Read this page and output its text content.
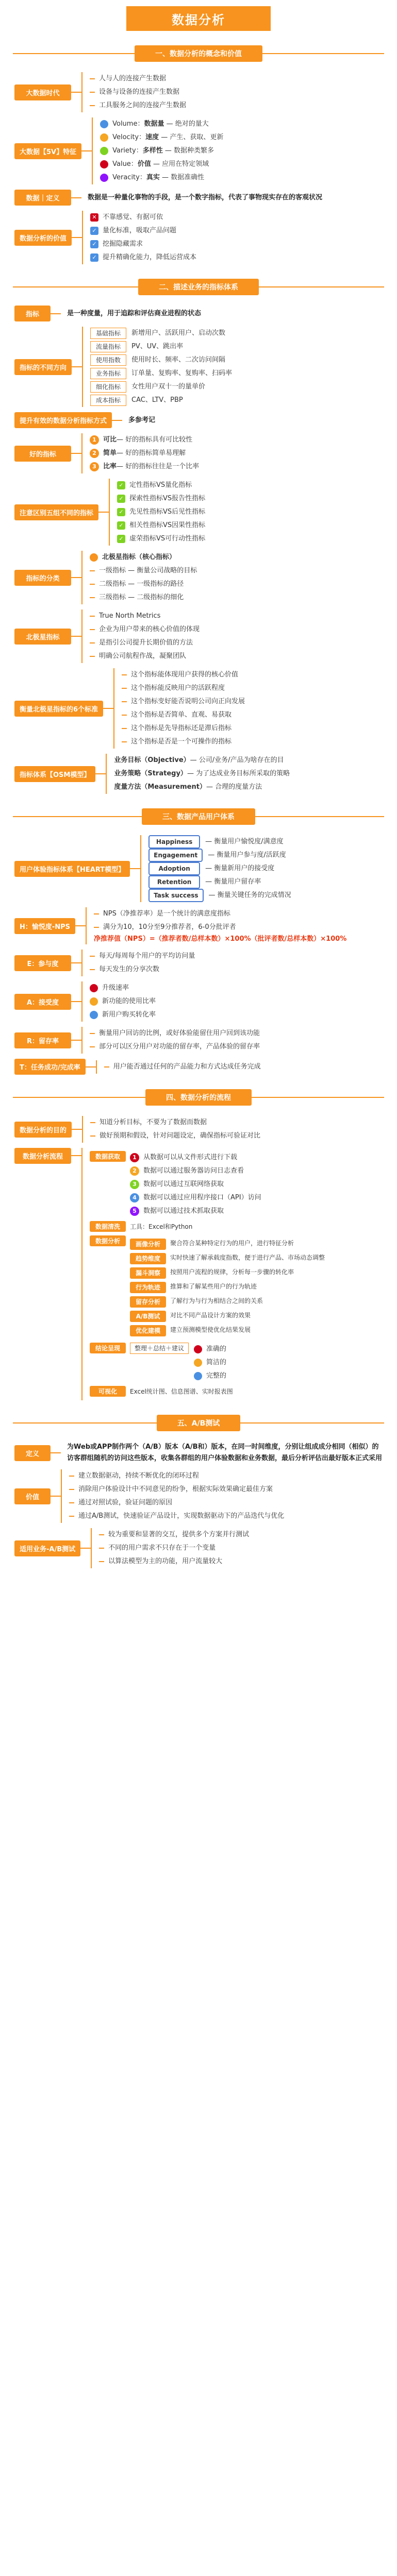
数据分析
一、数据分析的概念和价值
大数据时代
人与人的连接产生数据
设备与设备的连接产生数据
工具服务之间的连接产生数据
大数据【5V】特征
Volume： 数据量
— 绝对的量大
Velocity： 速度
— 产生、获取、更新
Variety： 多样性
— 数据种类繁多
Value： 价值
— 应用在特定领域
Veracity： 真实
— 数据准确性
数据｜定义	数据是一种量化事物的手段，是一个数字指标，代表了事物现实存在的客观状况
数据分析的价值
✕ 不靠感觉、有据可依
✓ 量化标准，吸取产品问题
✓ 挖掘隐藏需求
✓ 提升精确化能力，降低运营成本
二、描述业务的指标体系
指标	是一种度量，用于追踪和评估商业进程的状态
指标的不同方向
基础指标	新增用户、活跃用户、启动次数
流量指标	PV、UV、跳出率
使用指数	使用时长、频率、二次访问间隔
业务指标	订单量、复购率、复购率、扫码率
细化指标	女性用户双十一的量单价
成本指标	CAC、LTV、PBP
提升有效的数据分析指标方式	多参考记
好的指标
1	可比 — 好的指标具有可比较性
2	简单 — 好的指标简单易理解
3	比率 — 好的指标往往是一个比率
注意区别五组不同的指标
✓ 定性指标VS量化指标
✓ 探索性指标VS报告性指标
✓ 先见性指标VS后见性指标
✓ 相关性指标VS因果性指标
✓ 虚荣指标VS可行动性指标
指标的分类
北极星指标（核心指标）
一级指标 — 衡量公司战略的目标
二级指标 — 一级指标的路径
三级指标 — 二级指标的细化
北极星指标
True North Metrics
企业为用户带来的核心价值的体现
是指引公司提升长期价值的方法
明确公司航程作战，凝聚团队
衡量北极星指标的6个标准
这个指标能体现用户获得的核心价值
这个指标能反映用户的活跃程度
这个指标变好能否说明公司向正向发展
这个指标是否简单、直观、易获取
这个指标是先导指标还是滞后指标
这个指标是否是一个可操作的指标
指标体系【OSM模型】
业务目标（Objective） — 公司/业务/产品为啥存在的目
业务策略（Strategy） — 为了达成业务目标所采取的策略
度量方法（Measurement） — 合理的度量方法
三、数据产品用户体系
用户体验指标体系【HEART模型】
Happiness	— 衡量用户愉悦度/满意度
Engagement	— 衡量用户参与度/活跃度
Adoption	— 衡量新用户的接受度
Retention	— 衡量用户留存率
Task success	— 衡量关键任务的完成情况
H：愉悦度-NPS
NPS（净推荐率）是一个统计的满意度指标
满分为10，10分至9分推荐者，6-0分批评者
净推荐值（NPS）=（推荐者数/总样本数）×100%（批评者数/总样本数）×100%
E：参与度
每天/每周每个用户的平均访问量
每天发生的分享次数
A：接受度
升级速率
新功能的使用比率
新用户购买转化率
R：留存率
衡量用户回访的比例，或好体验能留住用户回到该功能
部分可以区分用户对功能的留存率，产品体验的留存率
T：任务成功/完成率	用户能否通过任何的产品能力和方式达成任务完成
四、数据分析的流程
数据分析的目的
知道分析目标，不要为了数据而数据
做好预期和假设，针对问题设定，确保指标可验证对比
数据分析流程	数据获取	1	从数据可以从文件形式进行下载
2	数据可以通过服务器访问日志查看
3	数据可以通过互联网络获取
4	数据可以通过应用程序接口（API）访问
5	数据可以通过技术抓取获取
数据清洗	工具：Excel和Python
数据分析	画像分析	聚合符合某种特定行为的用户，进行特征分析
趋势维度	实时快速了解承载度指数，便于进行产品、市场动态调整
漏斗洞察	按照用户流程的规律，分析每一步骤的转化率
行为轨迹	推算和了解某些用户的行为轨迹
留存分析	了解行为与行为相结合之间的关系
A/B测试	对比不同产品设计方案的效果
优化建模	建立预测模型使优化结果发展
结论呈现	整理＋总结＋建议	准确的
简洁的
完整的
可视化	Excel统计图、信息图谱、实时报表图
五、A/B测试
定义
为Web或APP制作两个（A/B）版本（A/B和）版本，在同一时间维度，分别让组成成分相同（相似）的访客群组随机的访问这些版本，收集各群组的用户体验数据和业务数据，最后分析评估出最好版本正式采用
价值
建立数据驱动，持续不断优化的闭环过程
消除用户体验设计中不同意见的纷争，根据实际效果确定最佳方案
通过对照试验，验证问题的原因
通过A/B测试，快速验证产品设计，实现数据驱动下的产品迭代与优化
适用业务-A/B测试
较为重要和显著的交互，提供多个方案并行测试
不同的用户需求不只存在于一个变量
以算法模型为主的功能，用户流量较大
